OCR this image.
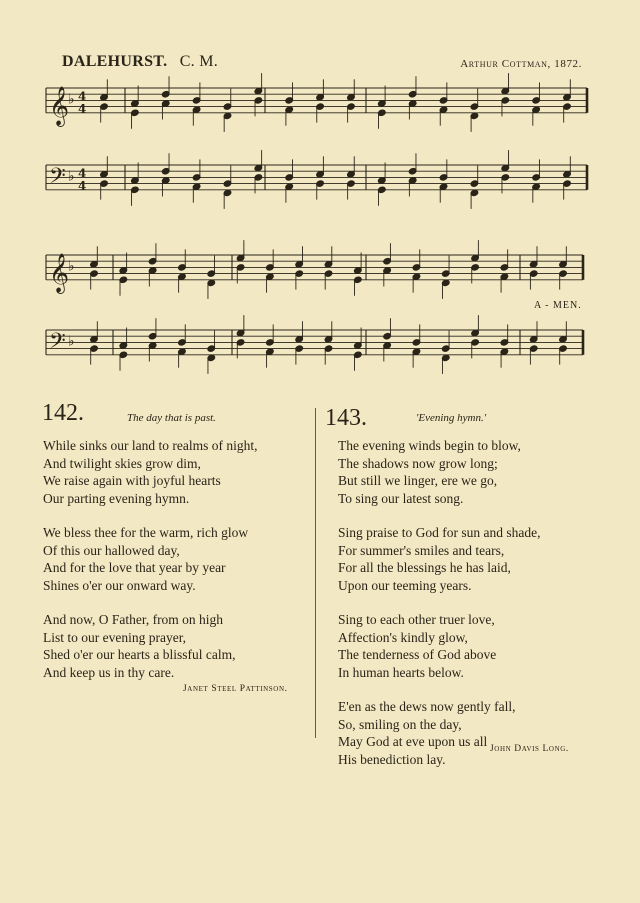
DALEHURST. C. M.	Arthur Cottman, 1872.
𝄞
♭ 4
4
𝄢 ♭ 4
4
𝄞
♭
𝄢 ♭
A - MEN.
142.	The day that is past.
While sinks our land to realms of night,
And twilight skies grow dim,
We raise again with joyful hearts
Our parting evening hymn.
We bless thee for the warm, rich glow
Of this our hallowed day,
And for the love that year by year
Shines o'er our onward way.
And now, O Father, from on high
List to our evening prayer,
Shed o'er our hearts a blissful calm,
And keep us in thy care.
Janet Steel Pattinson.
143.	'Evening hymn.'
The evening winds begin to blow,
The shadows now grow long;
But still we linger, ere we go,
To sing our latest song.
Sing praise to God for sun and shade,
For summer's smiles and tears,
For all the blessings he has laid,
Upon our teeming years.
Sing to each other truer love,
Affection's kindly glow,
The tenderness of God above
In human hearts below.
E'en as the dews now gently fall,
So, smiling on the day,
May God at eve upon us all
His benediction lay.
John Davis Long.
